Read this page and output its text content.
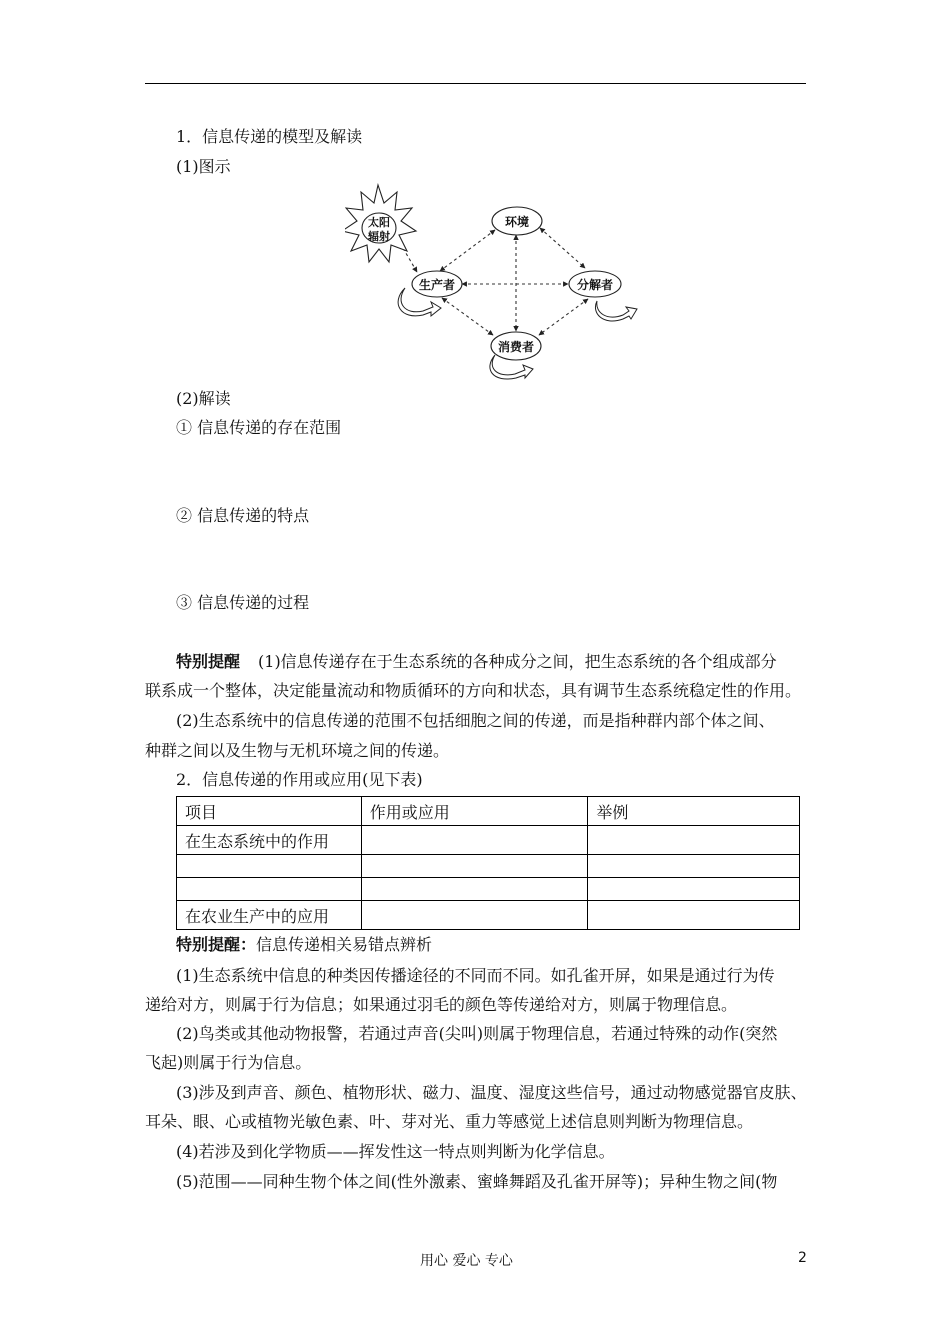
1．信息传递的模型及解读
(1)图示
太阳
辐射
环境
生产者	分解者
消费者
(2)解读
① 信息传递的存在范围
② 信息传递的特点
③ 信息传递的过程
特别提醒 (1)信息传递存在于生态系统的各种成分之间，把生态系统的各个组成部分
联系成一个整体，决定能量流动和物质循环的方向和状态，具有调节生态系统稳定性的作用。
(2)生态系统中的信息传递的范围不包括细胞之间的传递，而是指种群内部个体之间、
种群之间以及生物与无机环境之间的传递。
2．信息传递的作用或应用(见下表)
项目	作用或应用	举例
在生态系统中的作用		

在农业生产中的应用		
特别提醒：信息传递相关易错点辨析
(1)生态系统中信息的种类因传播途径的不同而不同。如孔雀开屏，如果是通过行为传
递给对方，则属于行为信息；如果通过羽毛的颜色等传递给对方，则属于物理信息。
(2)鸟类或其他动物报警，若通过声音(尖叫)则属于物理信息，若通过特殊的动作(突然
飞起)则属于行为信息。
(3)涉及到声音、颜色、植物形状、磁力、温度、湿度这些信号，通过动物感觉器官皮肤、
耳朵、眼、心或植物光敏色素、叶、芽对光、重力等感觉上述信息则判断为物理信息。
(4)若涉及到化学物质——挥发性这一特点则判断为化学信息。
(5)范围——同种生物个体之间(性外激素、蜜蜂舞蹈及孔雀开屏等)；异种生物之间(物
用心 爱心 专心	2
